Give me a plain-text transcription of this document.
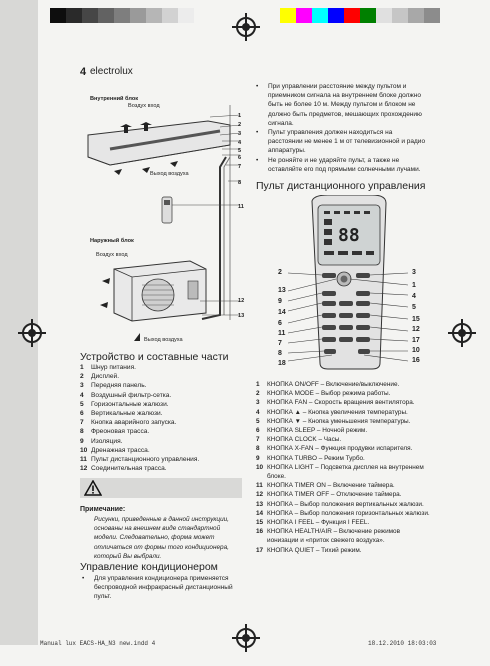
4 electrolux
Внутренний блок
Воздух вход
Выход воздуха
Наружный блок
Воздух вход
Выход воздуха
1
2
3
4
5
6
7
8
11
12
13
Устройство и составные части
1 Шнур питания.
2 Дисплей.
3 Передняя панель.
4 Воздушный фильтр-сетка.
5 Горизонтальные жалюзи.
6 Вертикальные жалюзи.
7 Кнопка аварийного запуска.
8 Фреоновая трасса.
9 Изоляция.
10 Дренажная трасса.
11 Пульт дистанционного управления.
12 Соединительная трасса.
Примечание:
Рисунки, приведенные в данной инструкции, основаны на внешнем виде стандартной модели. Следовательно, форма может отличаться от формы того кондиционера, который Вы выбрали.
Управление кондиционером
• Для управления кондиционера применяется беспроводной инфракрасный дистанционный пульт.
• При управлении расстояние между пультом и приемником сигнала на внутреннем блоке должно быть не более 10 м. Между пультом и блоком не должно быть предметов, мешающих прохождению сигнала.
• Пульт управления должен находиться на расстоянии не менее 1 м от телевизионной и радио аппаратуры.
• Не роняйте и не ударяйте пульт, а также не оставляйте его под прямыми солнечными лучами.
Пульт дистанционного управления
88
2
13
9
14
6
11
7
8
18
3
1
4
5
15
12
17
10
16
1 КНОПКА ON/OFF – Включение/выключение.
2 КНОПКА MODE – Выбор режима работы.
3 КНОПКА FAN – Скорость вращения вентилятора.
4 КНОПКА ▲ – Кнопка увеличения температуры.
5 КНОПКА ▼ – Кнопка уменьшения температуры.
6 КНОПКА SLEEP – Ночной режим.
7 КНОПКА CLOCK – Часы.
8 КНОПКА X-FAN – Функция продувки испарителя.
9 КНОПКА TURBO – Режим Турбо.
10 КНОПКА LIGHT – Подсветка дисплея на внутреннем блоке.
11 КНОПКА TIMER ON – Включение таймера.
12 КНОПКА TIMER OFF – Отключение таймера.
13 КНОПКА – Выбор положения вертикальных жалюзи.
14 КНОПКА – Выбор положения горизонтальных жалюзи.
15 КНОПКА I FEEL – Функция I FEEL.
16 КНОПКА HEALTH/AIR – Включение режимов ионизации и «приток свежего воздуха».
17 КНОПКА QUIET – Тихий режим.
Manual lux EACS-HA_N3 new.indd 4	18.12.2010 18:03:03
